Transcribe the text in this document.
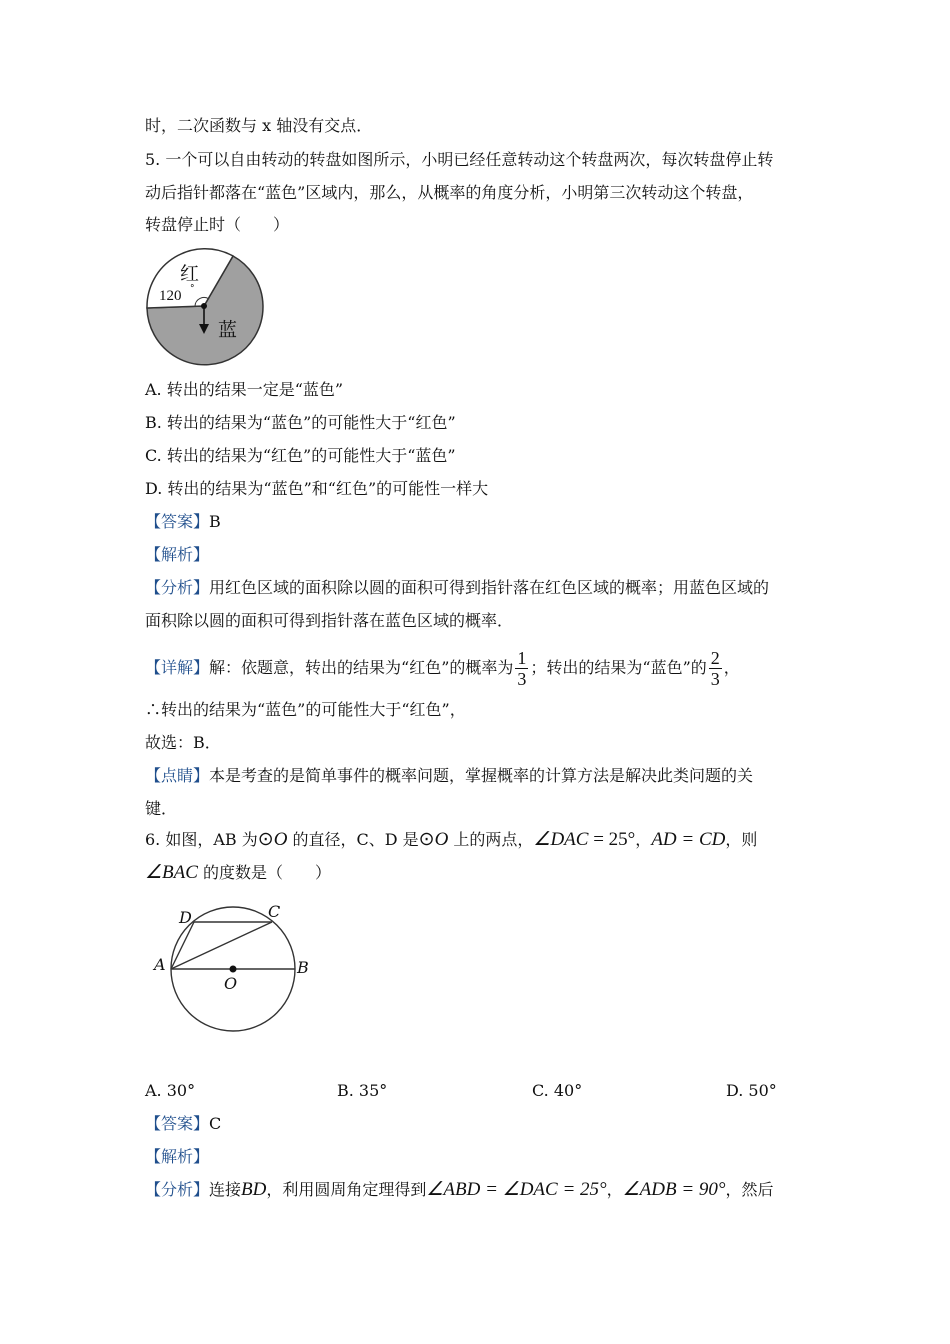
时，二次函数与 x 轴没有交点．
5. 一个可以自由转动的转盘如图所示，小明已经任意转动这个转盘两次，每次转盘停止转
动后指针都落在“蓝色”区域内，那么，从概率的角度分析，小明第三次转动这个转盘，
转盘停止时（　　）
红
120 °
蓝
A. 转出的结果一定是“蓝色”
B. 转出的结果为“蓝色”的可能性大于“红色”
C. 转出的结果为“红色”的可能性大于“蓝色”
D. 转出的结果为“蓝色”和“红色”的可能性一样大
【答案】B
【解析】
【分析】用红色区域的面积除以圆的面积可得到指针落在红色区域的概率；用蓝色区域的
面积除以圆的面积可得到指针落在蓝色区域的概率．
【详解】解：依题意，转出的结果为“红色”的概率为 $\frac{1}{3}$ ；转出的结果为“蓝色”的 $\frac{2}{3}$ ，
∴转出的结果为“蓝色”的可能性大于“红色”，
故选：B．
【点睛】本是考查的是简单事件的概率问题，掌握概率的计算方法是解决此类问题的关
键．
6. 如图，AB 为⊙O 的直径，C、D 是⊙O 上的两点，∠DAC = 25°，AD = CD，则
∠BAC 的度数是（　　）
D	C
A	B
O
A. 30°	B. 35°	C. 40°	D. 50°
【答案】C
【解析】
【分析】连接BD，利用圆周角定理得到∠ABD = ∠DAC = 25°，∠ADB = 90°，然后
